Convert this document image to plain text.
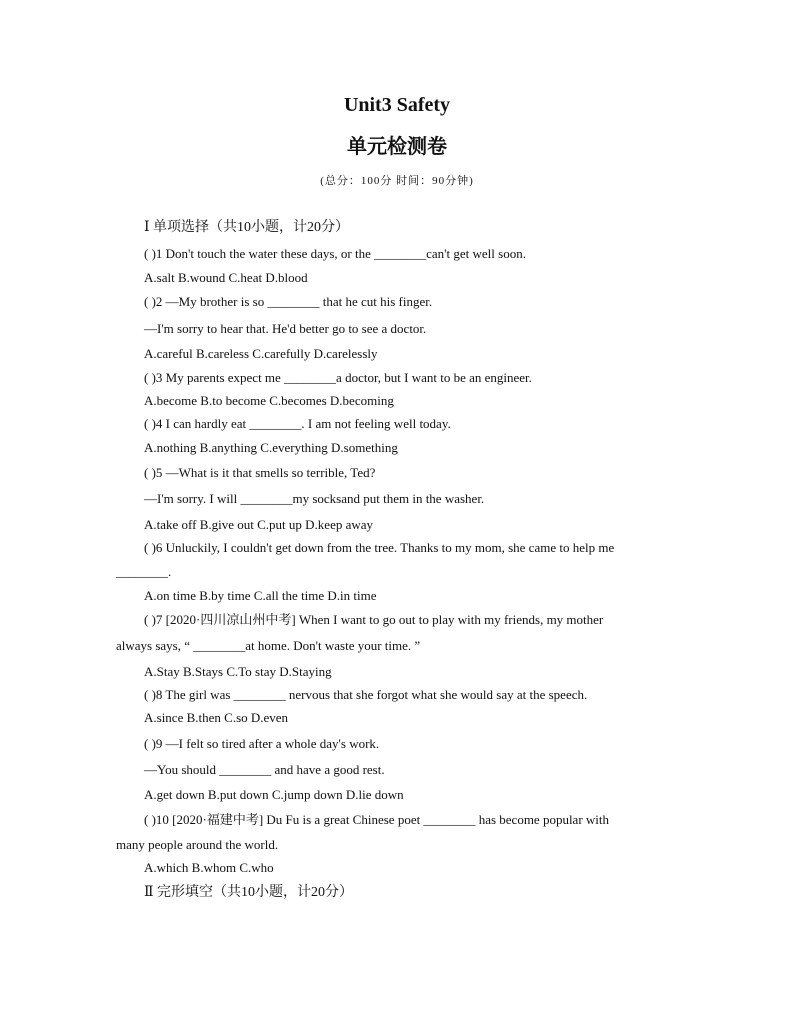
Unit3 Safety
单元检测卷
(总分：100分 时间：90分钟)
Ⅰ 单项选择（共10小题，计20分）
( )1 Don't touch the water these days, or the ________can't get well soon.
A.salt B.wound C.heat D.blood
( )2 —My brother is so ________ that he cut his finger.
—I'm sorry to hear that. He'd better go to see a doctor.
A.careful B.careless C.carefully D.carelessly
( )3 My parents expect me ________a doctor, but I want to be an engineer.
A.become B.to become C.becomes D.becoming
( )4 I can hardly eat ________. I am not feeling well today.
A.nothing B.anything C.everything D.something
( )5 —What is it that smells so terrible, Ted?
—I'm sorry. I will ________my socksand put them in the washer.
A.take off B.give out C.put up D.keep away
( )6 Unluckily, I couldn't get down from the tree. Thanks to my mom, she came to help me
________.
A.on time B.by time C.all the time D.in time
( )7 [2020·四川凉山州中考] When I want to go out to play with my friends, my mother
always says, “ ________at home. Don't waste your time. ”
A.Stay B.Stays C.To stay D.Staying
( )8 The girl was ________ nervous that she forgot what she would say at the speech.
A.since B.then C.so D.even
( )9 —I felt so tired after a whole day's work.
—You should ________ and have a good rest.
A.get down B.put down C.jump down D.lie down
( )10 [2020·福建中考] Du Fu is a great Chinese poet ________ has become popular with
many people around the world.
A.which B.whom C.who
Ⅱ 完形填空（共10小题，计20分）
